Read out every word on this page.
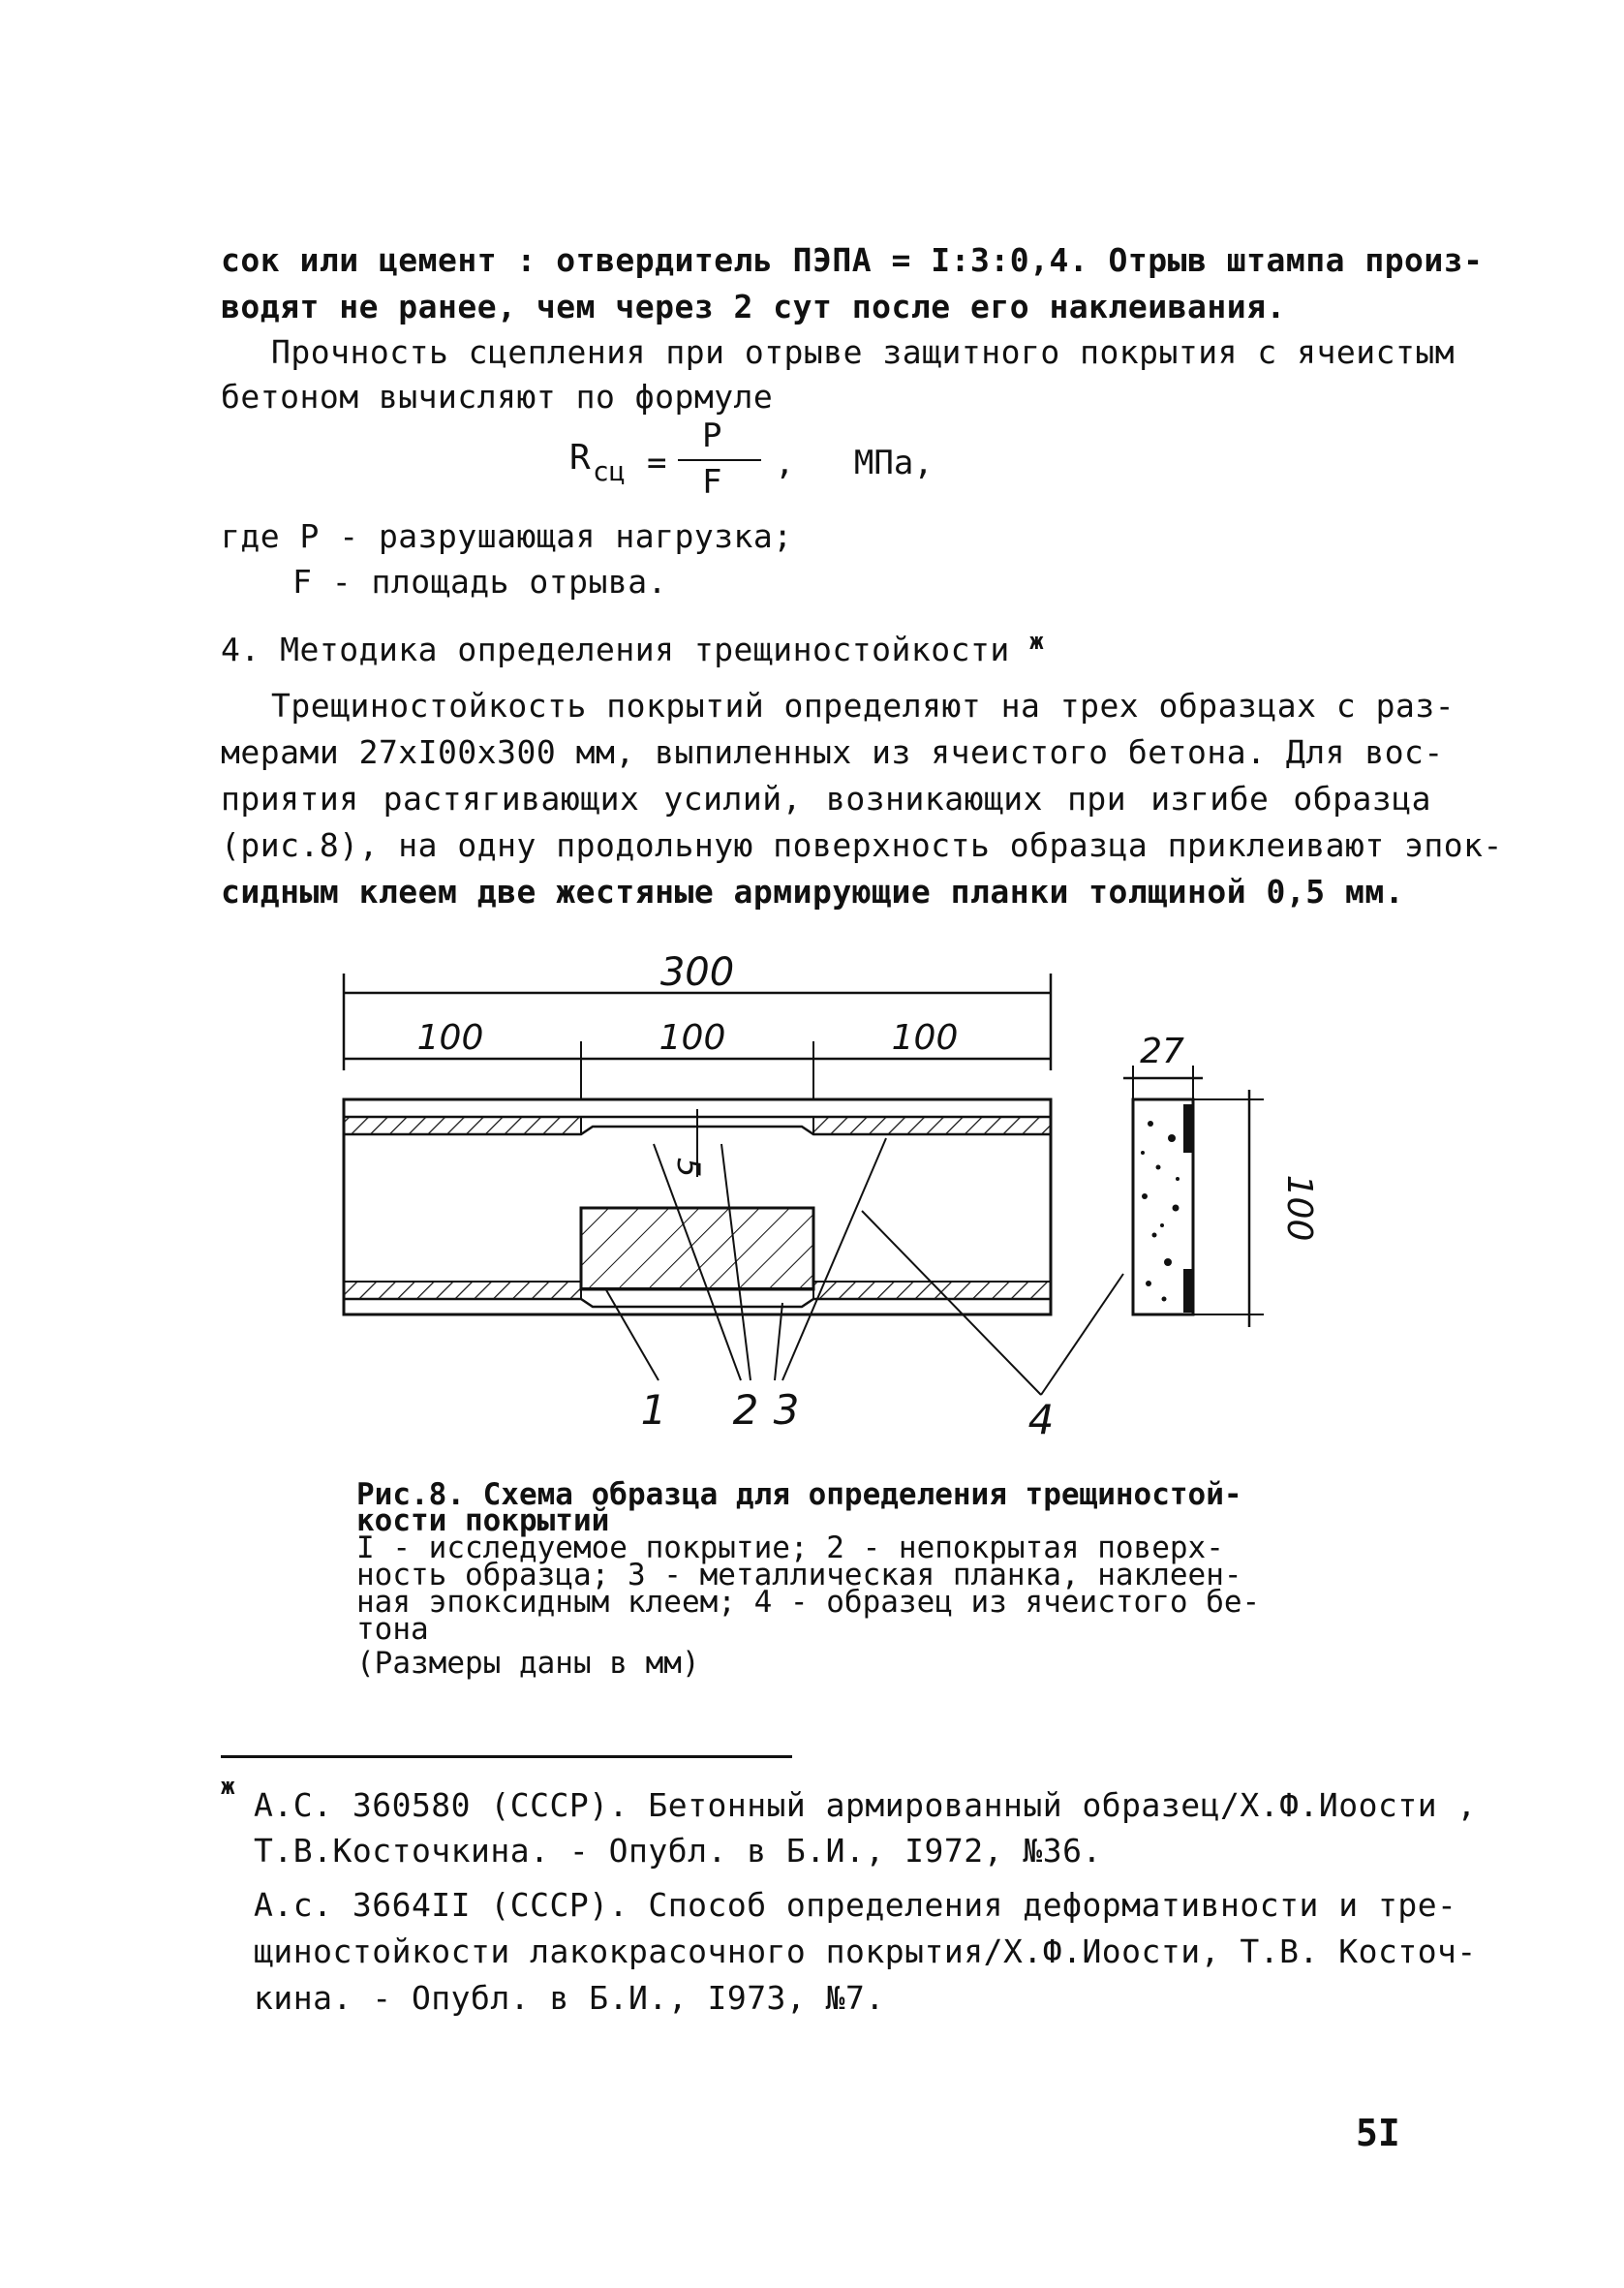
сок или цемент : отвердитель ПЭПА = I:3:0,4. Отрыв штампа произ-
водят не ранее, чем через 2 сут после его наклеивания.
Прочность сцепления при отрыве защитного покрытия с ячеистым
бетоном вычисляют по формуле
R сц =
P
F ,   МПа,
где Р - разрушающая нагрузка;
F - площадь отрыва.
4. Методика определения трещиностойкости $^ж$
Трещиностойкость покрытий определяют на трех образцах с раз-
мерами 27хI00х300 мм, выпиленных из ячеистого бетона. Для вос-
приятия растягивающих усилий, возникающих при изгибе образца
(рис.8), на одну продольную поверхность образца приклеивают эпок-
сидным клеем две жестяные армирующие планки толщиной 0,5 мм.
300
100	100	100
5
27
100
1 2 3	4
Рис.8. Схема образца для определения трещиностой-
кости покрытий
I - исследуемое покрытие; 2 - непокрытая поверх-
ность образца; 3 - металлическая планка, наклеен-
ная эпоксидным клеем; 4 - образец из ячеистого бе-
тона
(Размеры даны в мм)
ж А.С. 360580 (СССР). Бетонный армированный образец/Х.Ф.Иоости ,
Т.В.Косточкина. - Опубл. в Б.И., I972, №36.
А.с. 3664II (СССР). Способ определения деформативности и тре-
щиностойкости лакокрасочного покрытия/Х.Ф.Иоости, Т.В. Косточ-
кина. - Опубл. в Б.И., I973, №7.
5I
